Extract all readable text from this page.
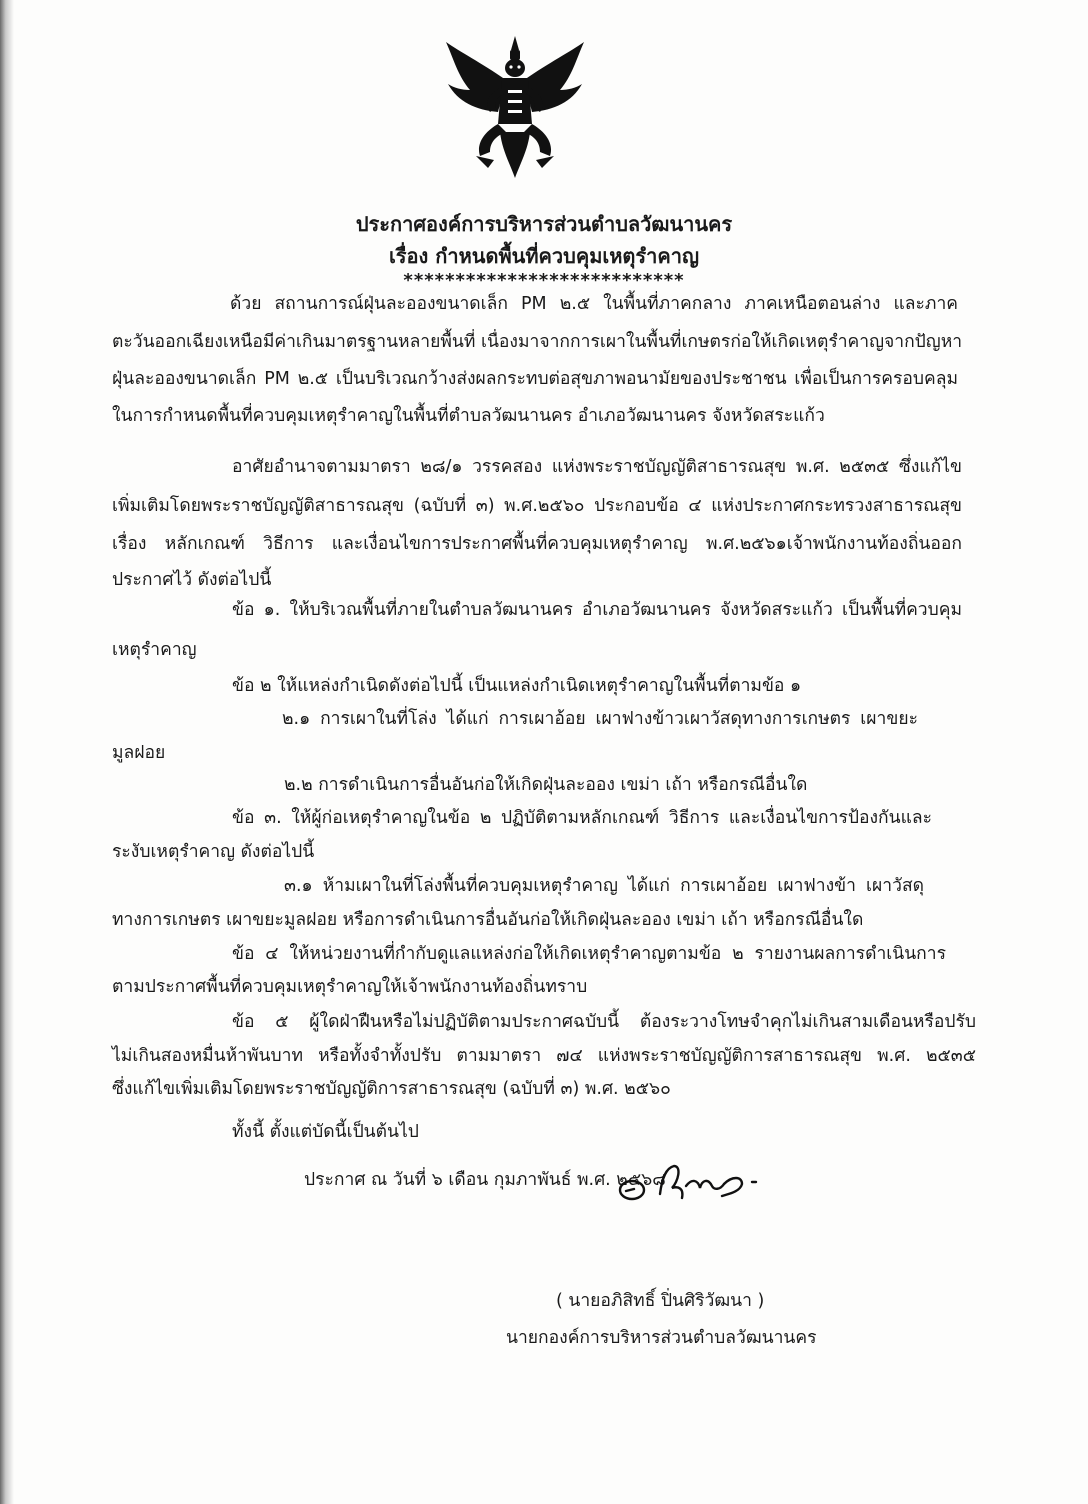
ประกาศองค์การบริหารส่วนตำบลวัฒนานคร
เรื่อง กำหนดพื้นที่ควบคุมเหตุรำคาญ
***************************
ด้วย สถานการณ์ฝุ่นละอองขนาดเล็ก PM ๒.๕ ในพื้นที่ภาคกลาง ภาคเหนือตอนล่าง และภาค
ตะวันออกเฉียงเหนือมีค่าเกินมาตรฐานหลายพื้นที่ เนื่องมาจากการเผาในพื้นที่เกษตรก่อให้เกิดเหตุรำคาญจากปัญหา
ฝุ่นละอองขนาดเล็ก PM ๒.๕ เป็นบริเวณกว้างส่งผลกระทบต่อสุขภาพอนามัยของประชาชน เพื่อเป็นการครอบคลุม
ในการกำหนดพื้นที่ควบคุมเหตุรำคาญในพื้นที่ตำบลวัฒนานคร อำเภอวัฒนานคร จังหวัดสระแก้ว
อาศัยอำนาจตามมาตรา ๒๘/๑ วรรคสอง แห่งพระราชบัญญัติสาธารณสุข พ.ศ. ๒๕๓๕ ซึ่งแก้ไข
เพิ่มเติมโดยพระราชบัญญัติสาธารณสุข (ฉบับที่ ๓) พ.ศ.๒๕๖๐ ประกอบข้อ ๔ แห่งประกาศกระทรวงสาธารณสุข
เรื่อง หลักเกณฑ์ วิธีการ และเงื่อนไขการประกาศพื้นที่ควบคุมเหตุรำคาญ พ.ศ.๒๕๖๑เจ้าพนักงานท้องถิ่นออก
ประกาศไว้ ดังต่อไปนี้
ข้อ ๑. ให้บริเวณพื้นที่ภายในตำบลวัฒนานคร อำเภอวัฒนานคร จังหวัดสระแก้ว เป็นพื้นที่ควบคุม
เหตุรำคาญ
ข้อ ๒ ให้แหล่งกำเนิดดังต่อไปนี้ เป็นแหล่งกำเนิดเหตุรำคาญในพื้นที่ตามข้อ ๑
๒.๑ การเผาในที่โล่ง ได้แก่ การเผาอ้อย เผาฟางข้าวเผาวัสดุทางการเกษตร เผาขยะ
มูลฝอย
๒.๒ การดำเนินการอื่นอันก่อให้เกิดฝุ่นละออง เขม่า เถ้า หรือกรณีอื่นใด
ข้อ ๓. ให้ผู้ก่อเหตุรำคาญในข้อ ๒ ปฏิบัติตามหลักเกณฑ์ วิธีการ และเงื่อนไขการป้องกันและ
ระงับเหตุรำคาญ ดังต่อไปนี้
๓.๑ ห้ามเผาในที่โล่งพื้นที่ควบคุมเหตุรำคาญ ได้แก่ การเผาอ้อย เผาฟางข้า เผาวัสดุ
ทางการเกษตร เผาขยะมูลฝอย หรือการดำเนินการอื่นอันก่อให้เกิดฝุ่นละออง เขม่า เถ้า หรือกรณีอื่นใด
ข้อ ๔ ให้หน่วยงานที่กำกับดูแลแหล่งก่อให้เกิดเหตุรำคาญตามข้อ ๒ รายงานผลการดำเนินการ
ตามประกาศพื้นที่ควบคุมเหตุรำคาญให้เจ้าพนักงานท้องถิ่นทราบ
ข้อ ๕ ผู้ใดฝ่าฝืนหรือไม่ปฏิบัติตามประกาศฉบับนี้ ต้องระวางโทษจำคุกไม่เกินสามเดือนหรือปรับ
ไม่เกินสองหมื่นห้าพันบาท หรือทั้งจำทั้งปรับ ตามมาตรา ๗๔ แห่งพระราชบัญญัติการสาธารณสุข พ.ศ. ๒๕๓๕
ซึ่งแก้ไขเพิ่มเติมโดยพระราชบัญญัติการสาธารณสุข (ฉบับที่ ๓) พ.ศ. ๒๕๖๐
ทั้งนี้ ตั้งแต่บัดนี้เป็นต้นไป
ประกาศ ณ วันที่ ๖ เดือน กุมภาพันธ์ พ.ศ. ๒๕๖๘
( นายอภิสิทธิ์ ปิ่นศิริวัฒนา )
นายกองค์การบริหารส่วนตำบลวัฒนานคร
